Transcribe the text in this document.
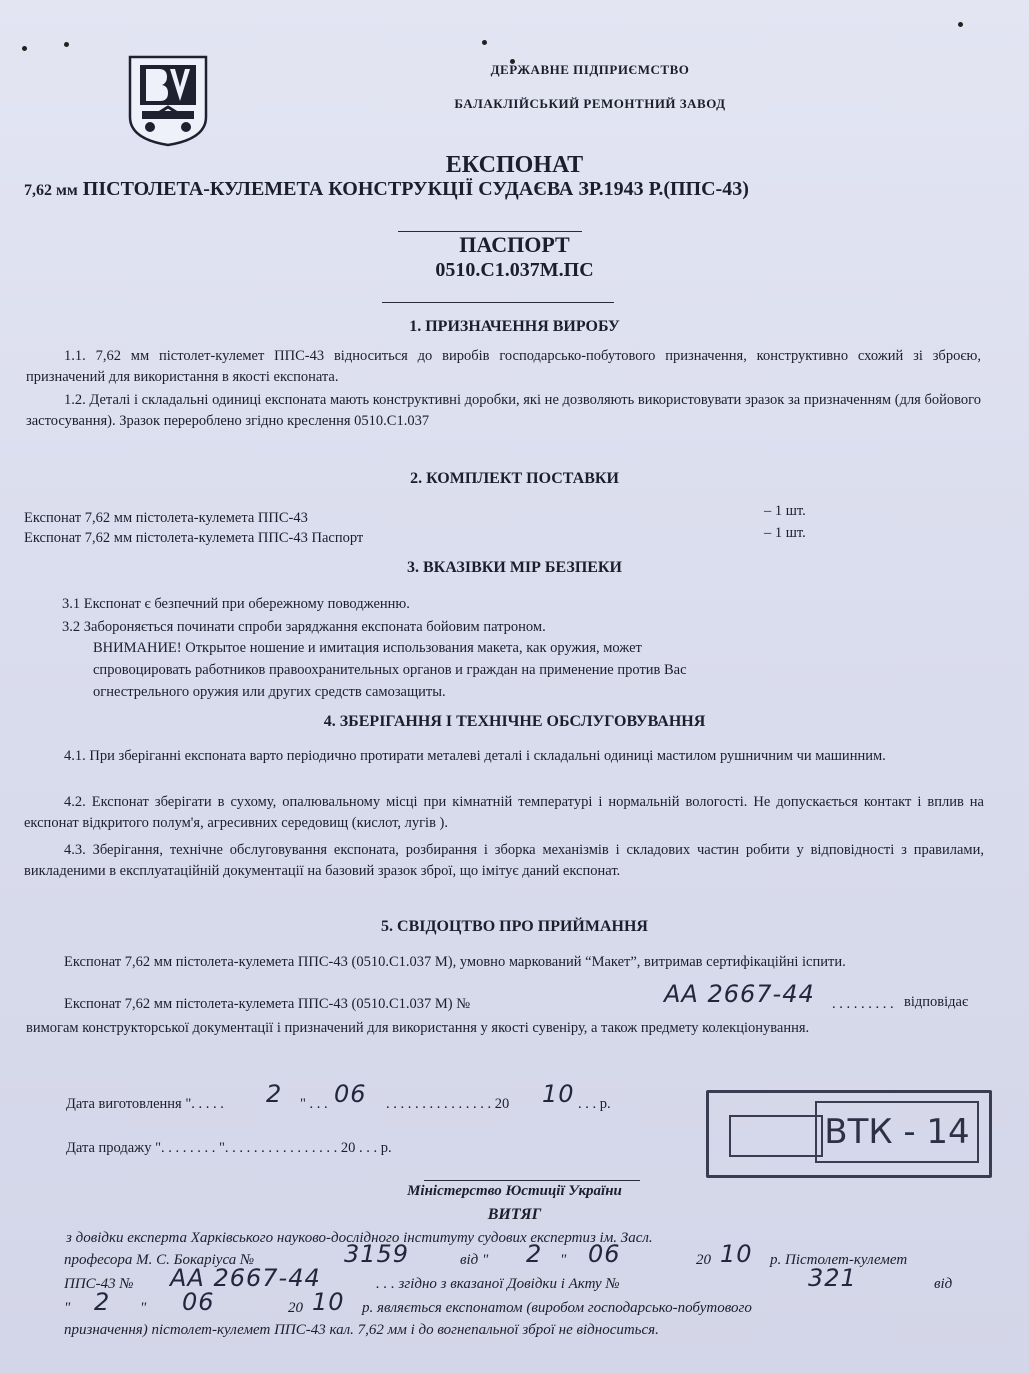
ДЕРЖАВНЕ ПІДПРИЄМСТВО
БАЛАКЛІЙСЬКИЙ РЕМОНТНИЙ ЗАВОД
ЕКСПОНАТ
7,62 мм ПІСТОЛЕТА-КУЛЕМЕТА КОНСТРУКЦІЇ СУДАЄВА ЗР.1943 Р.(ППС-43)
ПАСПОРТ
0510.С1.037М.ПС
1. ПРИЗНАЧЕННЯ ВИРОБУ
1.1. 7,62 мм пістолет-кулемет ППС-43 відноситься до виробів господарсько-побутового призначення, конструктивно схожий зі зброєю, призначений для використання в якості експоната.
1.2. Деталі і складальні одиниці експоната мають конструктивні доробки, які не дозволяють використовувати зразок за призначенням (для бойового застосування). Зразок перероблено згідно креслення 0510.С1.037
2. КОМПЛЕКТ ПОСТАВКИ
Експонат 7,62 мм пістолета-кулемета ППС-43	– 1 шт.
Експонат 7,62 мм пістолета-кулемета ППС-43 Паспорт	– 1 шт.
3. ВКАЗІВКИ МІР БЕЗПЕКИ
3.1 Експонат є безпечний при обережному поводженню.
3.2 Забороняється починати спроби заряджання експоната бойовим патроном.
ВНИМАНИЕ! Открытое ношение и имитация использования макета, как оружия, может
спровоцировать работников правоохранительных органов и граждан на применение против Вас
огнестрельного оружия или других средств самозащиты.
4. ЗБЕРІГАННЯ І ТЕХНІЧНЕ ОБСЛУГОВУВАННЯ
4.1. При зберіганні експоната варто періодично протирати металеві деталі і складальні одиниці мастилом рушничним чи машинним.
4.2. Експонат зберігати в сухому, опалювальному місці при кімнатній температурі і нормальній вологості. Не допускається контакт і вплив на експонат відкритого полум'я, агресивних середовищ (кислот, лугів ).
4.3. Зберігання, технічне обслуговування експоната, розбирання і зборка механізмів і складових частин робити у відповідності з правилами, викладеними в експлуатаційній документації на базовий зразок зброї, що імітує даний експонат.
5. СВІДОЦТВО ПРО ПРИЙМАННЯ
Експонат 7,62 мм пістолета-кулемета ППС-43 (0510.С1.037 М), умовно маркований “Макет”, витримав сертифікаційні іспити.
Експонат 7,62 мм пістолета-кулемета ППС-43 (0510.С1.037 М) №	АА 2667-44 . . . . . . . . . відповідає
вимогам конструкторської документації і призначений для використання у якості сувеніру, а також предмету колекціонування.
Дата виготовлення ". . . . . 2 " . . . 06 . . . . . . . . . . . . . . . 20 10 . . . р.
Дата продажу ". . . . . . . . ". . . . . . . . . . . . . . . . 20 . . . р.	ВТК - 14
Міністерство Юстиції України
ВИТЯГ
з довідки експерта Харківського науково-дослідного інституту судових експертиз ім. Засл.
професора М. С. Бокаріуса №	3159	від " 2 " 06	20 10 р. Пістолет-кулемет
ППС-43 № АА 2667-44	. . . згідно з вказаної Довідки і Акту №	321	від
" 2 " 06	20 10 р. являється експонатом (виробом господарсько-побутового
призначення) пістолет-кулемет ППС-43 кал. 7,62 мм і до вогнепальної зброї не відноситься.
